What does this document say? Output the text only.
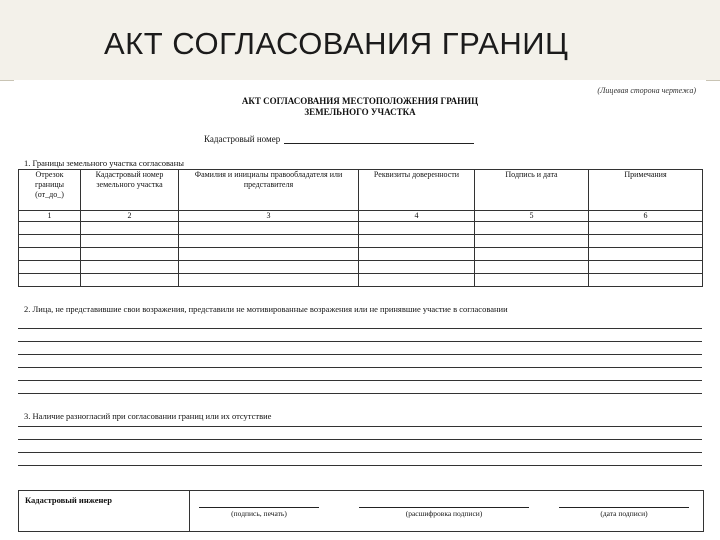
АКТ СОГЛАСОВАНИЯ ГРАНИЦ
(Лицевая сторона чертежа)
АКТ СОГЛАСОВАНИЯ МЕСТОПОЛОЖЕНИЯ ГРАНИЦ
ЗЕМЕЛЬНОГО УЧАСТКА
Кадастровый номер
1. Границы земельного участка согласованы
Отрезок границы (от_до_)	Кадастровый номер земельного участка	Фамилия и инициалы правообладателя или представителя	Реквизиты доверенности	Подпись и дата	Примечания
1	2	3	4	5	6

2. Лица, не представившие свои возражения, представили не мотивированные возражения или не принявшие участие в согласовании
3. Наличие разногласий при согласовании границ или их отсутствие
Кадастровый инженер
(подпись, печать)	(расшифровка подписи)	(дата подписи)
